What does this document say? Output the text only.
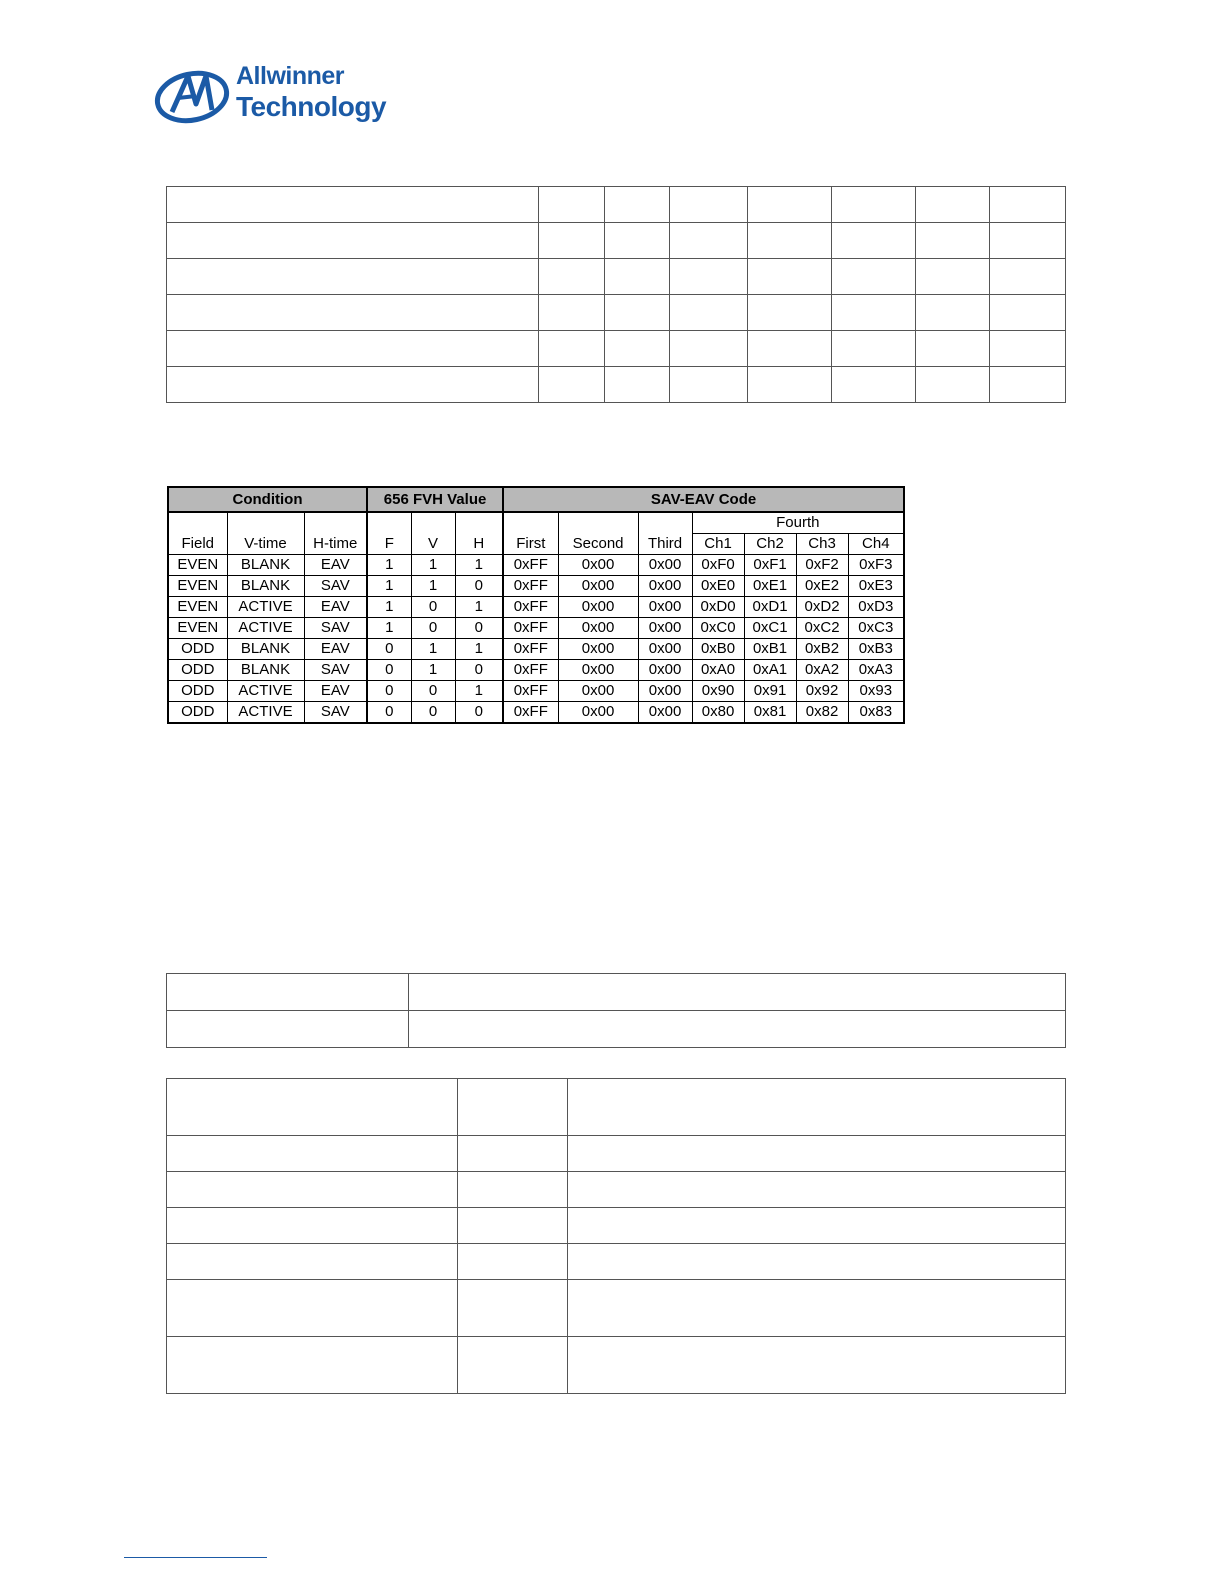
Allwinner
Technology

Condition			656 FVH Value			SAV-EAV Code						
Field	V-time	H-time	F	V	H	First	Second	Third	Fourth			
									Ch1	Ch2	Ch3	Ch4
EVEN	BLANK	EAV	1	1	1	0xFF	0x00	0x00	0xF0	0xF1	0xF2	0xF3
EVEN	BLANK	SAV	1	1	0	0xFF	0x00	0x00	0xE0	0xE1	0xE2	0xE3
EVEN	ACTIVE	EAV	1	0	1	0xFF	0x00	0x00	0xD0	0xD1	0xD2	0xD3
EVEN	ACTIVE	SAV	1	0	0	0xFF	0x00	0x00	0xC0	0xC1	0xC2	0xC3
ODD	BLANK	EAV	0	1	1	0xFF	0x00	0x00	0xB0	0xB1	0xB2	0xB3
ODD	BLANK	SAV	0	1	0	0xFF	0x00	0x00	0xA0	0xA1	0xA2	0xA3
ODD	ACTIVE	EAV	0	0	1	0xFF	0x00	0x00	0x90	0x91	0x92	0x93
ODD	ACTIVE	SAV	0	0	0	0xFF	0x00	0x00	0x80	0x81	0x82	0x83
